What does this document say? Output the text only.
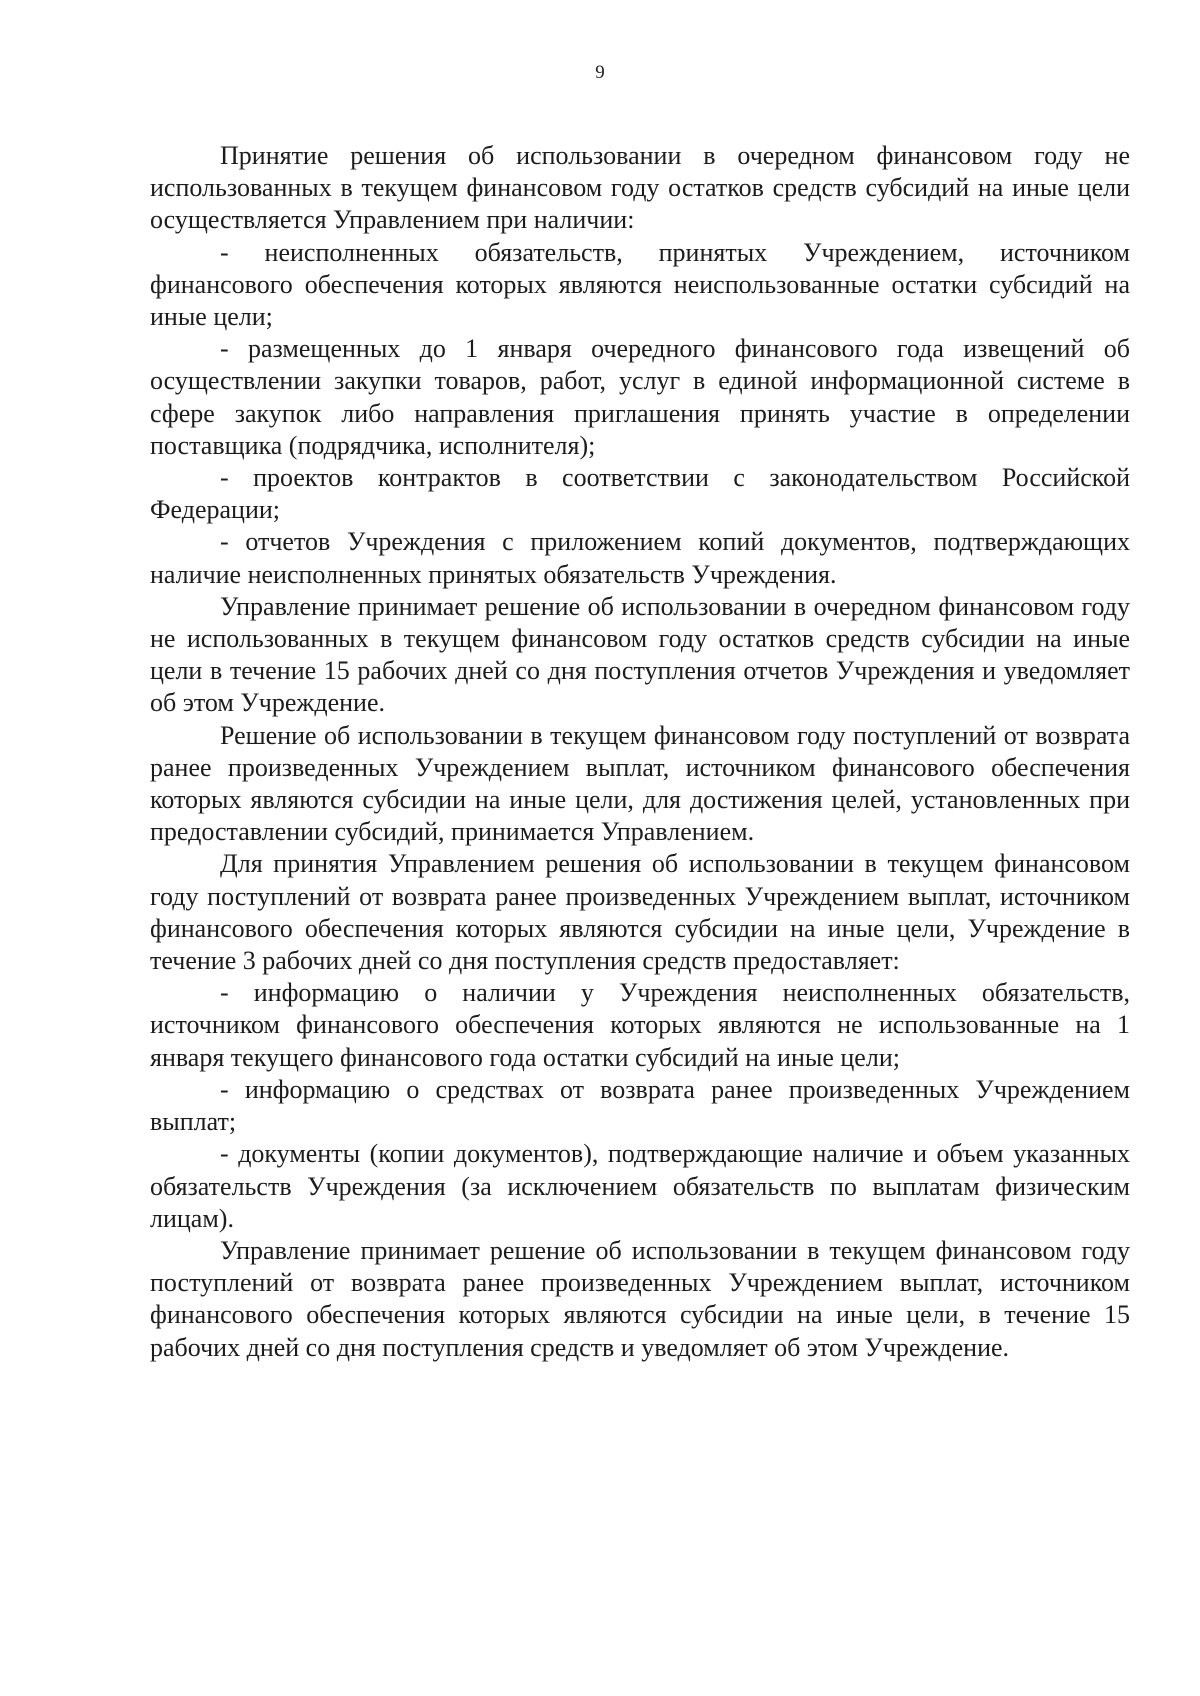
9

Принятие решения об использовании в очередном финансовом году не использованных в текущем финансовом году остатков средств субсидий на иные цели осуществляется Управлением при наличии:

- неисполненных обязательств, принятых Учреждением, источником финансового обеспечения которых являются неиспользованные остатки субсидий на иные цели;

- размещенных до 1 января очередного финансового года извещений об осуществлении закупки товаров, работ, услуг в единой информационной системе в сфере закупок либо направления приглашения принять участие в определении поставщика (подрядчика, исполнителя);

- проектов контрактов в соответствии с законодательством Российской Федерации;

- отчетов Учреждения с приложением копий документов, подтверждающих наличие неисполненных принятых обязательств Учреждения.

Управление принимает решение об использовании в очередном финансовом году не использованных в текущем финансовом году остатков средств субсидии на иные цели в течение 15 рабочих дней со дня поступления отчетов Учреждения и уведомляет об этом Учреждение.

Решение об использовании в текущем финансовом году поступлений от возврата ранее произведенных Учреждением выплат, источником финансового обеспечения которых являются субсидии на иные цели, для достижения целей, установленных при предоставлении субсидий, принимается Управлением.

Для принятия Управлением решения об использовании в текущем финансовом году поступлений от возврата ранее произведенных Учреждением выплат, источником финансового обеспечения которых являются субсидии на иные цели, Учреждение в течение 3 рабочих дней со дня поступления средств предоставляет:

- информацию о наличии у Учреждения неисполненных обязательств, источником финансового обеспечения которых являются не использованные на 1 января текущего финансового года остатки субсидий на иные цели;

- информацию о средствах от возврата ранее произведенных Учреждением выплат;

- документы (копии документов), подтверждающие наличие и объем указанных обязательств Учреждения (за исключением обязательств по выплатам физическим лицам).

Управление принимает решение об использовании в текущем финансовом году поступлений от возврата ранее произведенных Учреждением выплат, источником финансового обеспечения которых являются субсидии на иные цели, в течение 15 рабочих дней со дня поступления средств и уведомляет об этом Учреждение.
